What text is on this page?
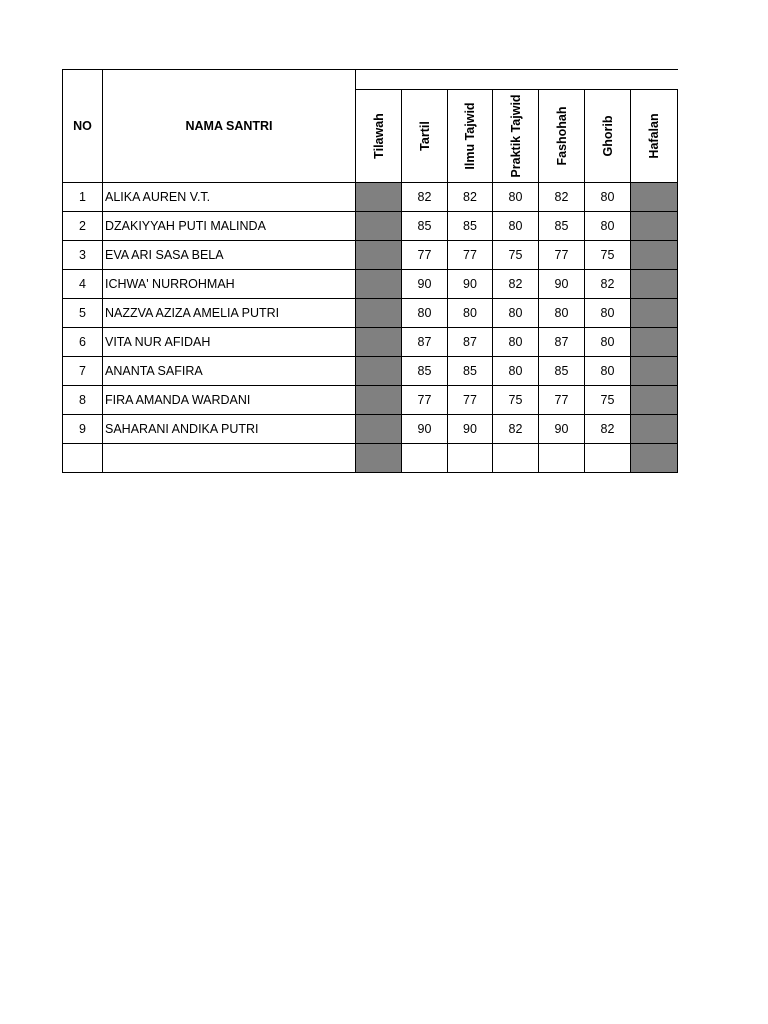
NO	NAMA SANTRI							

		Tilawah	Tartil	Ilmu Tajwid	Praktik Tajwid	Fashohah	Ghorib	Hafalan

1	ALIKA AUREN V.T.		82	82	80	82	80	
2	DZAKIYYAH PUTI MALINDA		85	85	80	85	80	
3	EVA ARI SASA BELA		77	77	75	77	75	
4	ICHWA' NURROHMAH		90	90	82	90	82	
5	NAZZVA AZIZA AMELIA PUTRI		80	80	80	80	80	
6	VITA NUR AFIDAH		87	87	80	87	80	
7	ANANTA SAFIRA		85	85	80	85	80	
8	FIRA AMANDA WARDANI		77	77	75	77	75	
9	SAHARANI ANDIKA PUTRI		90	90	82	90	82	
